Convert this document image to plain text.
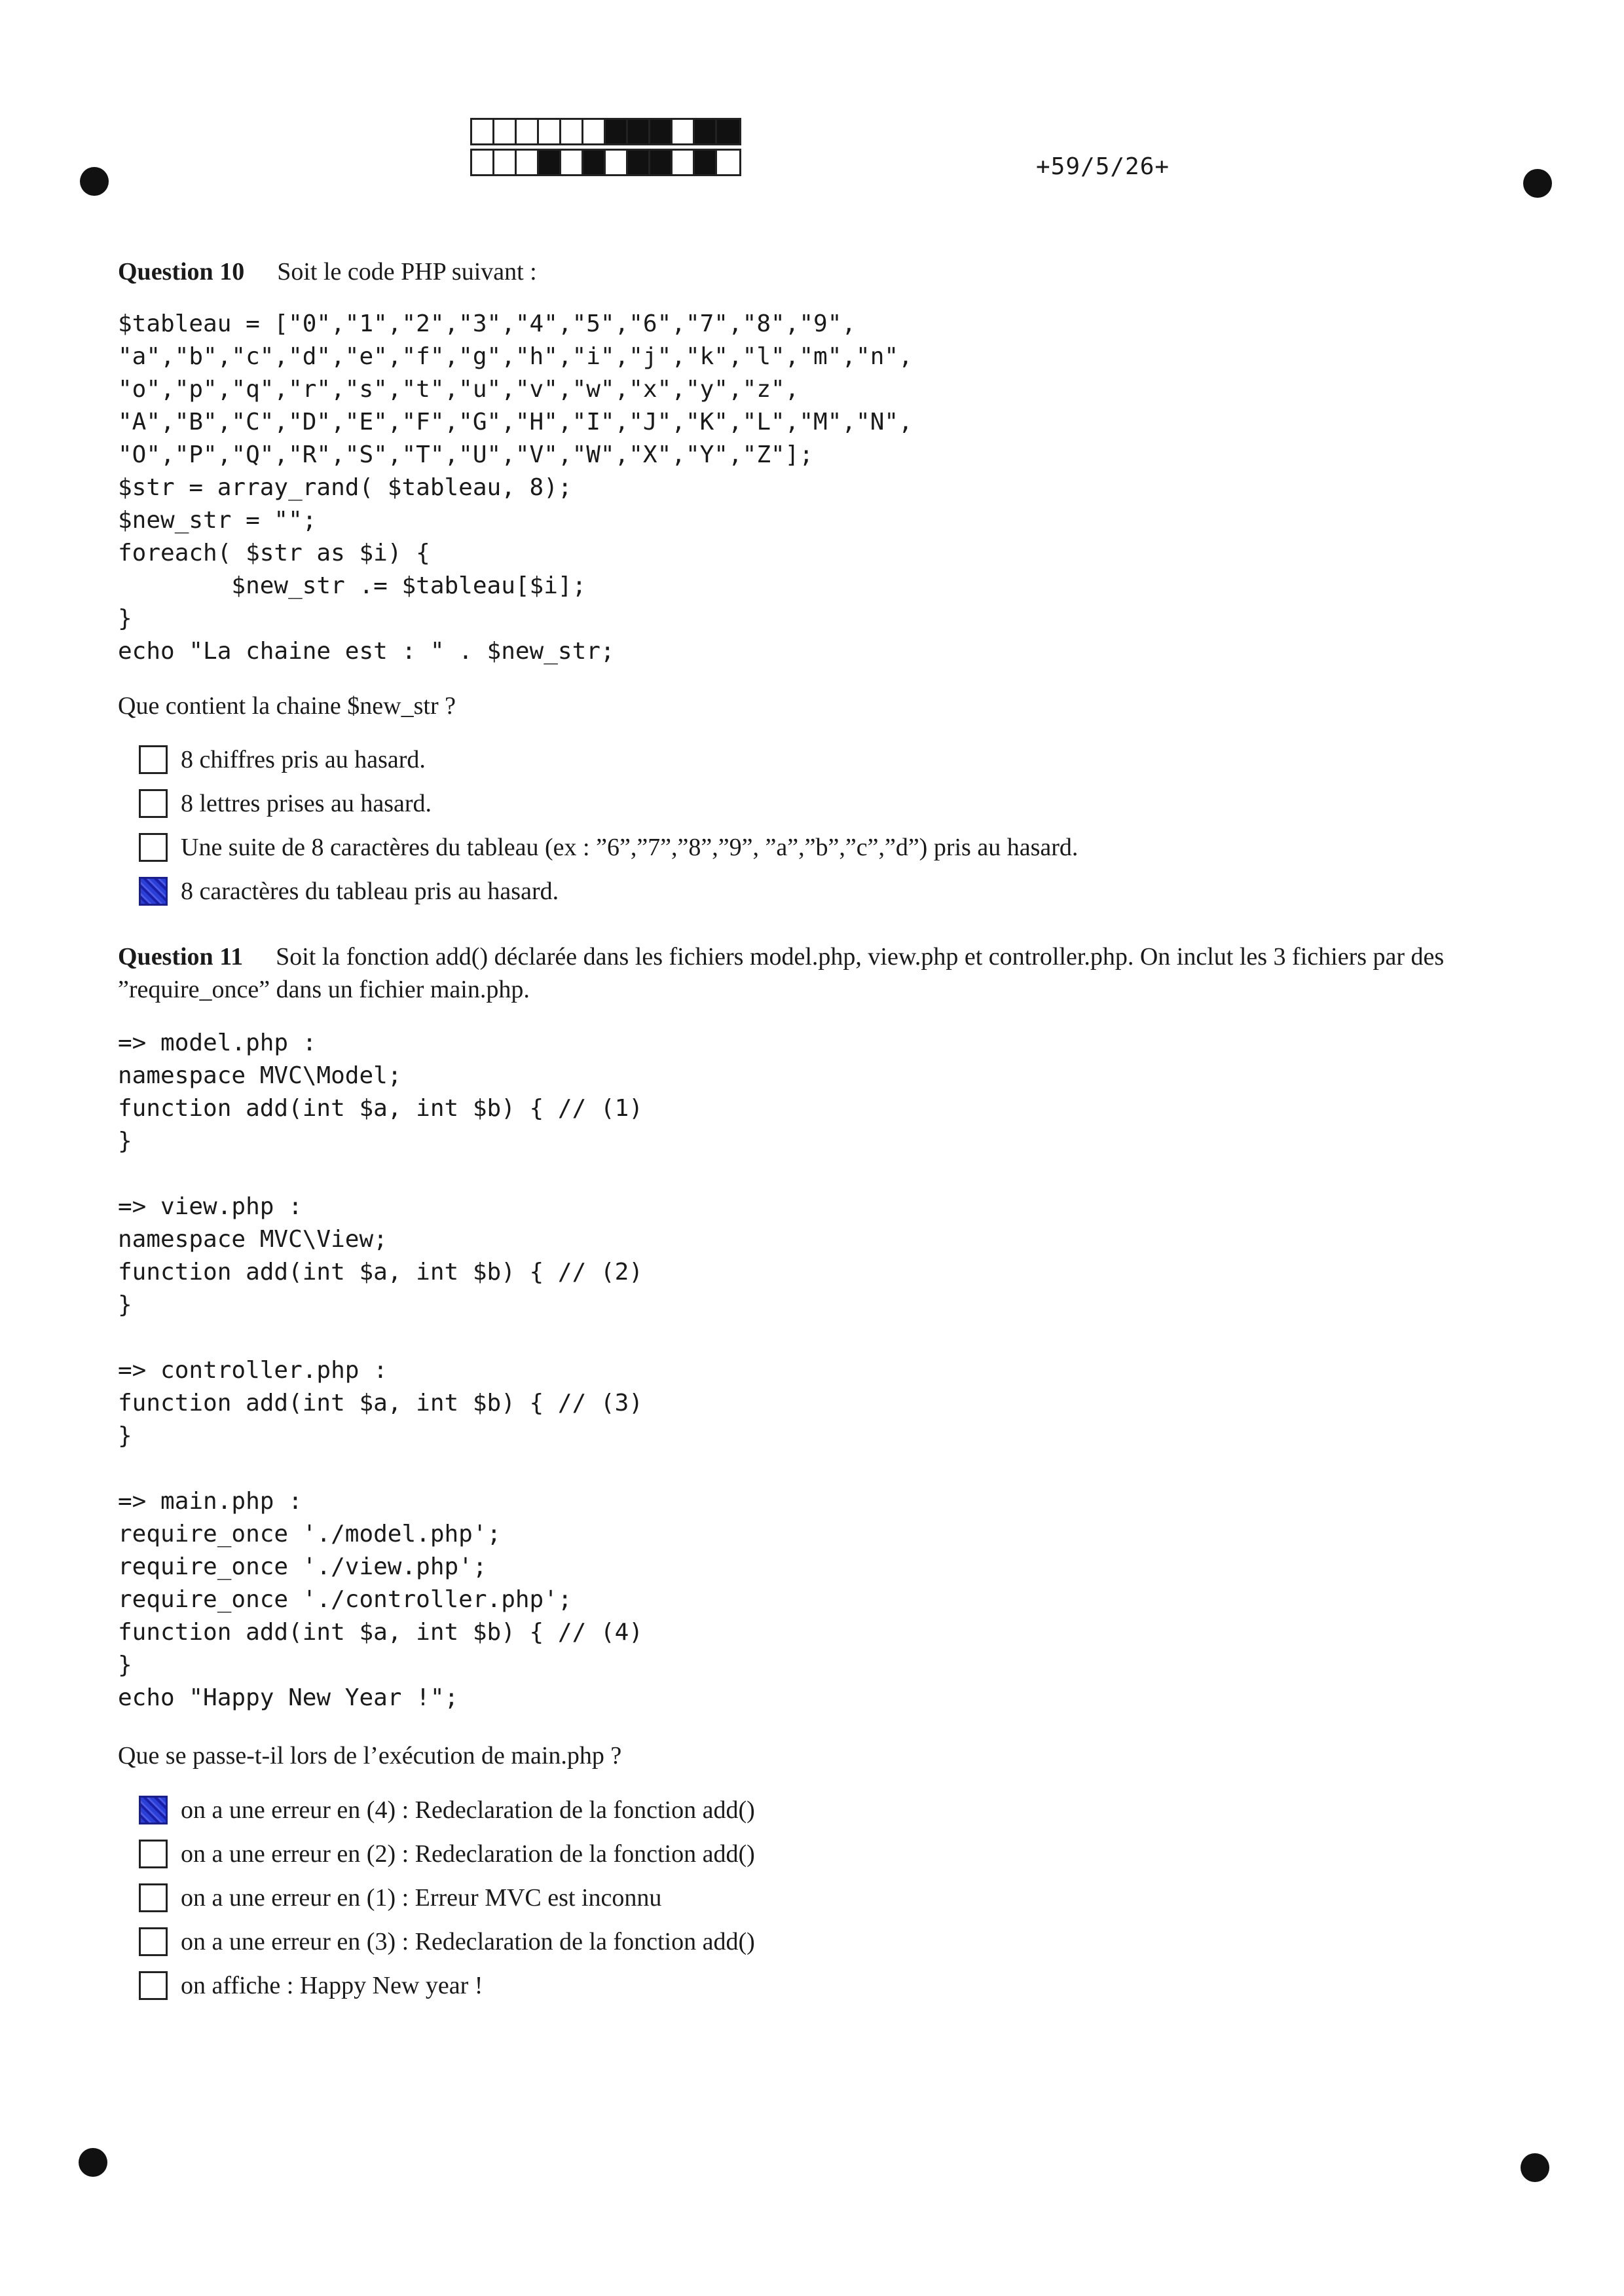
+59/5/26+
Question 10 Soit le code PHP suivant :
$tableau = ["0","1","2","3","4","5","6","7","8","9",
"a","b","c","d","e","f","g","h","i","j","k","l","m","n",
"o","p","q","r","s","t","u","v","w","x","y","z",
"A","B","C","D","E","F","G","H","I","J","K","L","M","N",
"O","P","Q","R","S","T","U","V","W","X","Y","Z"];
$str = array_rand( $tableau, 8);
$new_str = "";
foreach( $str as $i) {
$new_str .= $tableau[$i];
}
echo "La chaine est : " . $new_str;
Que contient la chaine $new_str ?
8 chiffres pris au hasard.
8 lettres prises au hasard.
Une suite de 8 caractères du tableau (ex : ”6”,”7”,”8”,”9”, ”a”,”b”,”c”,”d”) pris au hasard.
8 caractères du tableau pris au hasard.
Question 11 Soit la fonction add() déclarée dans les fichiers model.php, view.php et controller.php. On inclut les 3 fichiers par des ”require_once” dans un fichier main.php.
=> model.php :
namespace MVC\Model;
function add(int $a, int $b) { // (1)
}

=> view.php :
namespace MVC\View;
function add(int $a, int $b) { // (2)
}

=> controller.php :
function add(int $a, int $b) { // (3)
}

=> main.php :
require_once './model.php';
require_once './view.php';
require_once './controller.php';
function add(int $a, int $b) { // (4)
}
echo "Happy New Year !";
Que se passe-t-il lors de l’exécution de main.php ?
on a une erreur en (4) : Redeclaration de la fonction add()
on a une erreur en (2) : Redeclaration de la fonction add()
on a une erreur en (1) : Erreur MVC est inconnu
on a une erreur en (3) : Redeclaration de la fonction add()
on affiche : Happy New year !
